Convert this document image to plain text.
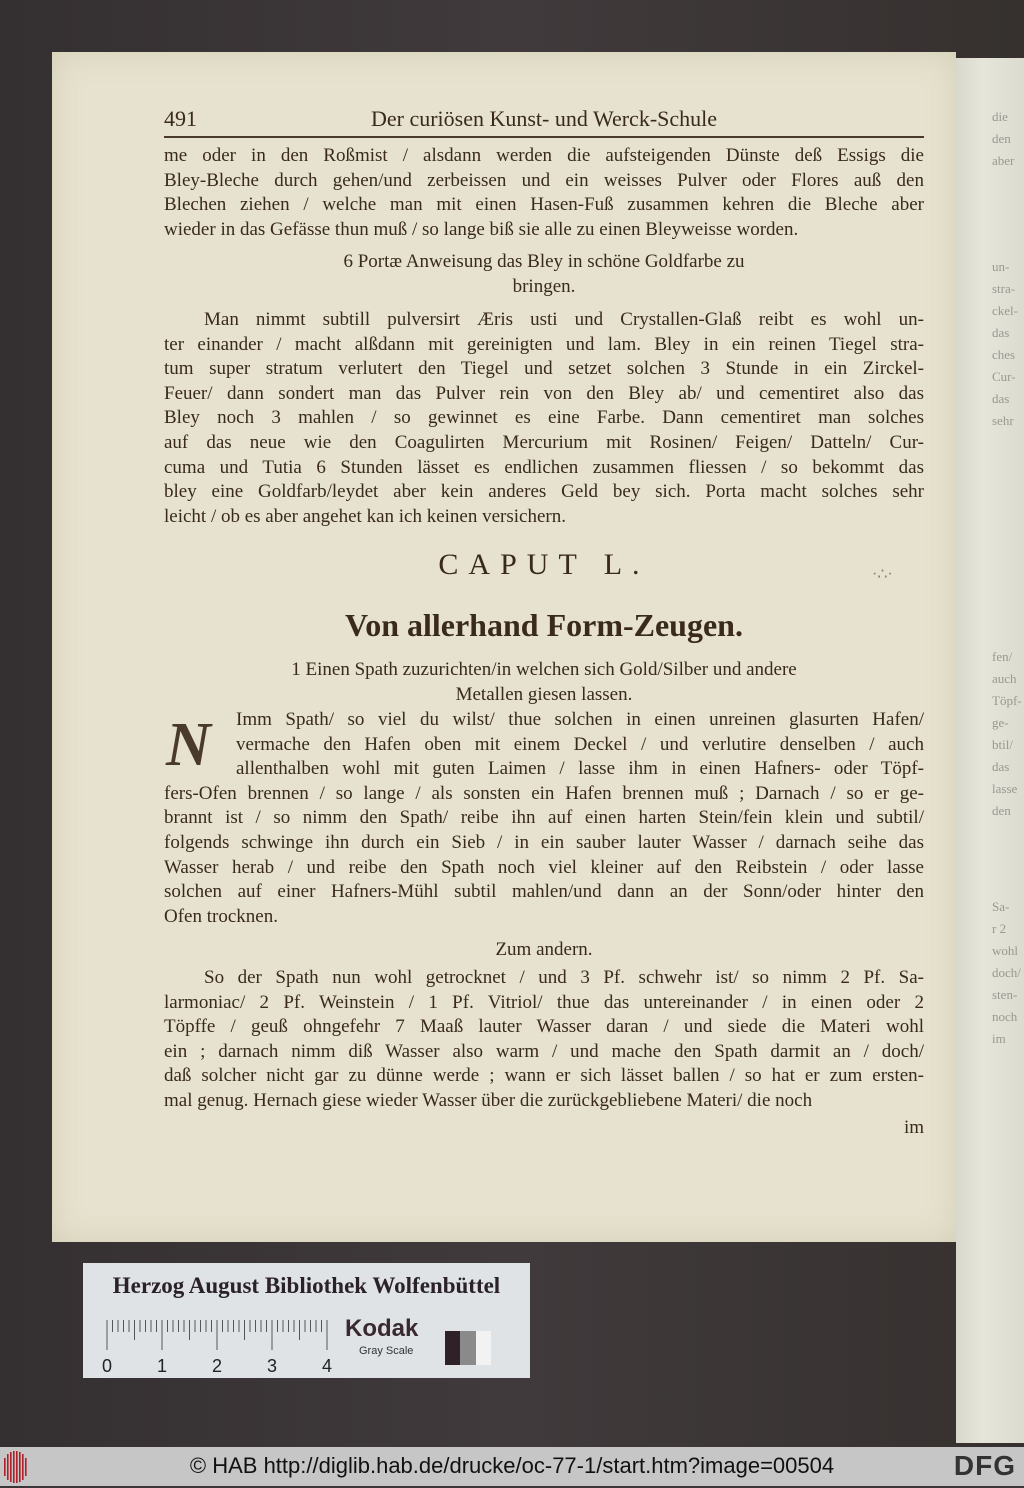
die
den
aber
un-
stra-
ckel-
das
ches
Cur-
das
sehr
fen/
auch
Töpf-
ge-
btil/
das
lasse
den
Sa-
r 2
wohl
doch/
sten-
noch
im
491	Der curiösen Kunst- und Werck-Schule
me oder in den Roßmist / alsdann werden die aufsteigenden Dünste deß Essigs die
Bley-Bleche durch gehen/und zerbeissen und ein weisses Pulver oder Flores auß den
Blechen ziehen / welche man mit einen Hasen-Fuß zusammen kehren die Bleche aber
wieder in das Gefässe thun muß / so lange biß sie alle zu einen Bleyweisse worden.
6 Portæ Anweisung das Bley in schöne Goldfarbe zu
bringen.
Man nimmt subtill pulversirt Æris usti und Crystallen-Glaß reibt es wohl un-
ter einander / macht alßdann mit gereinigten und lam. Bley in ein reinen Tiegel stra-
tum super stratum verlutert den Tiegel und setzet solchen 3 Stunde in ein Zirckel-
Feuer/ dann sondert man das Pulver rein von den Bley ab/ und cementiret also das
Bley noch 3 mahlen / so gewinnet es eine Farbe. Dann cementiret man solches
auf das neue wie den Coagulirten Mercurium mit Rosinen/ Feigen/ Datteln/ Cur-
cuma und Tutia 6 Stunden lässet es endlichen zusammen fliessen / so bekommt das
bley eine Goldfarb/leydet aber kein anderes Geld bey sich. Porta macht solches sehr
leicht / ob es aber angehet kan ich keinen versichern.
·∴·
CAPUT L.
Von allerhand Form-Zeugen.
1 Einen Spath zuzurichten/in welchen sich Gold/Silber und andere
Metallen giesen lassen.
N	Imm Spath/ so viel du wilst/ thue solchen in einen unreinen glasurten Hafen/
vermache den Hafen oben mit einem Deckel / und verlutire denselben / auch
allenthalben wohl mit guten Laimen / lasse ihm in einen Hafners- oder Töpf-
fers-Ofen brennen / so lange / als sonsten ein Hafen brennen muß ; Darnach / so er ge-
brannt ist / so nimm den Spath/ reibe ihn auf einen harten Stein/fein klein und subtil/
folgends schwinge ihn durch ein Sieb / in ein sauber lauter Wasser / darnach seihe das
Wasser herab / und reibe den Spath noch viel kleiner auf den Reibstein / oder lasse
solchen auf einer Hafners-Mühl subtil mahlen/und dann an der Sonn/oder hinter den
Ofen trocknen.
Zum andern.
So der Spath nun wohl getrocknet / und 3 Pf. schwehr ist/ so nimm 2 Pf. Sa-
larmoniac/ 2 Pf. Weinstein / 1 Pf. Vitriol/ thue das untereinander / in einen oder 2
Töpffe / geuß ohngefehr 7 Maaß lauter Wasser daran / und siede die Materi wohl
ein ; darnach nimm diß Wasser also warm / und mache den Spath darmit an / doch/
daß solcher nicht gar zu dünne werde ; wann er sich lässet ballen / so hat er zum ersten-
mal genug. Hernach giese wieder Wasser über die zurückgebliebene Materi/ die noch
im
Herzog August Bibliothek Wolfenbüttel
0 1 2 3 4
Kodak
Gray Scale
© HAB http://diglib.hab.de/drucke/oc-77-1/start.htm?image=00504	DFG
